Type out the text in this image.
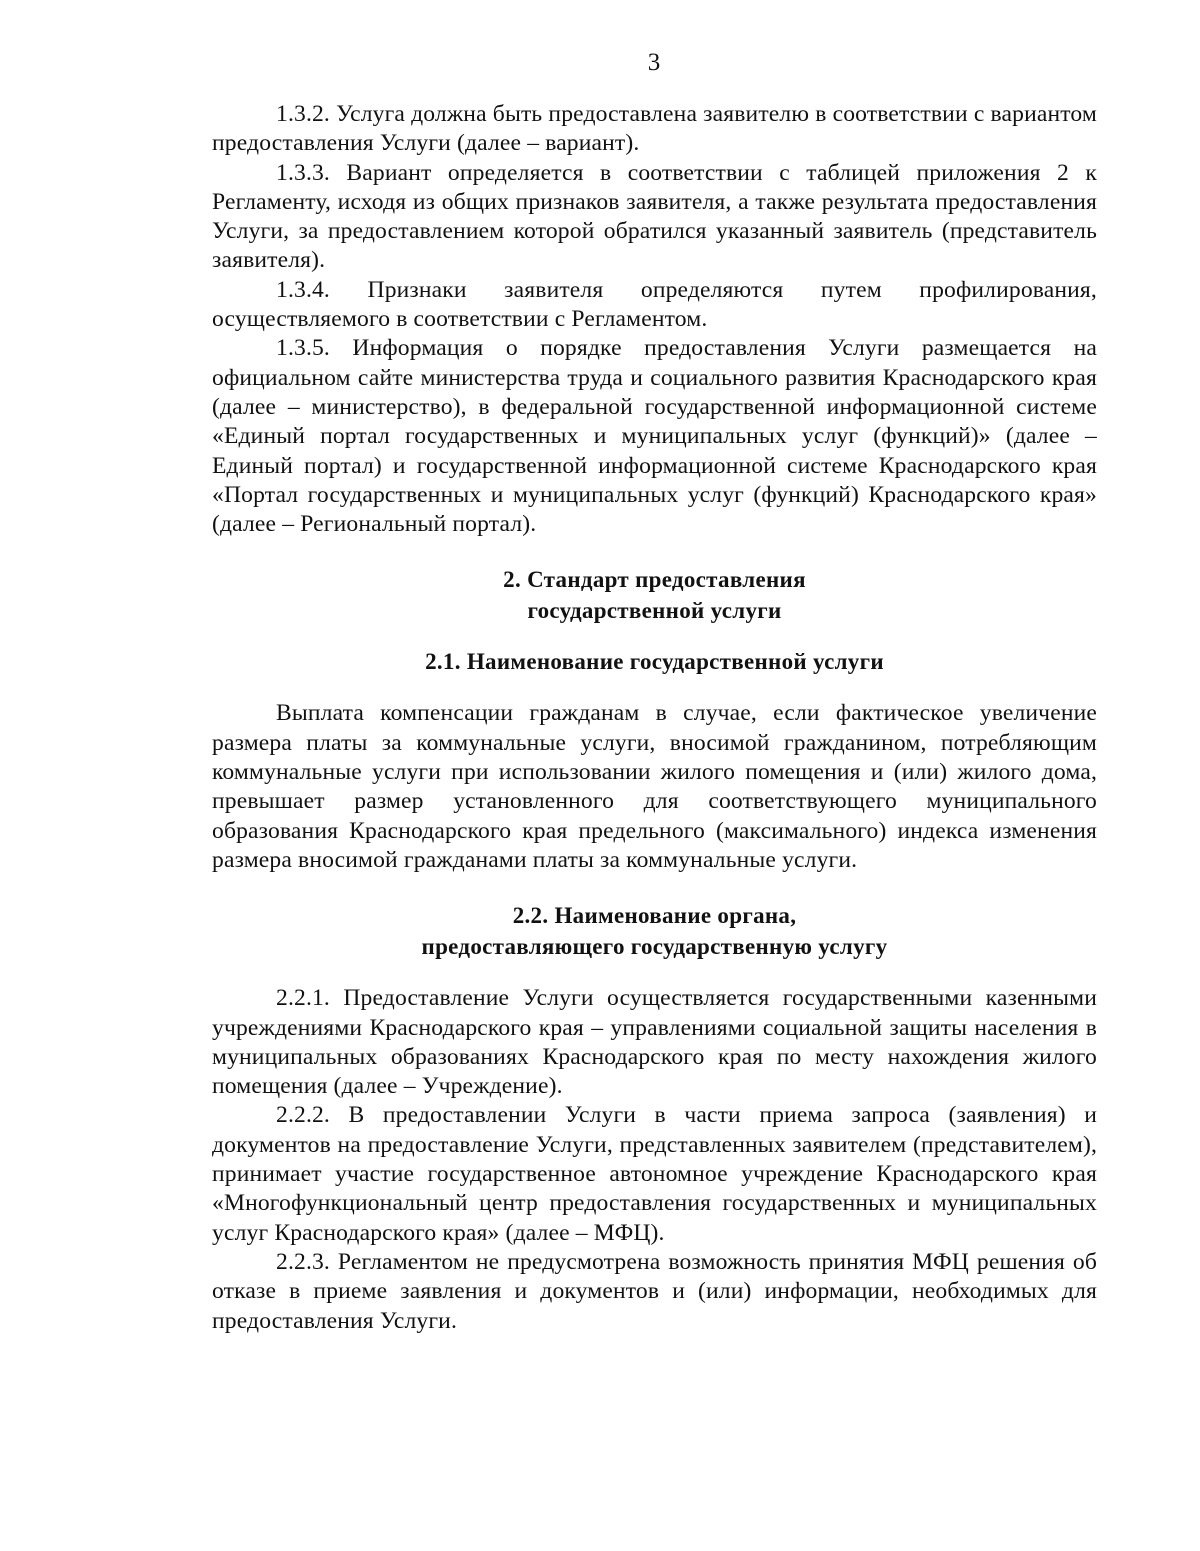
3

1.3.2. Услуга должна быть предоставлена заявителю в соответствии с вариантом предоставления Услуги (далее – вариант).

1.3.3. Вариант определяется в соответствии с таблицей приложения 2 к Регламенту, исходя из общих признаков заявителя, а также результата предоставления Услуги, за предоставлением которой обратился указанный заявитель (представитель заявителя).

1.3.4. Признаки заявителя определяются путем профилирования, осуществляемого в соответствии с Регламентом.

1.3.5. Информация о порядке предоставления Услуги размещается на официальном сайте министерства труда и социального развития Краснодарского края (далее – министерство), в федеральной государственной информационной системе «Единый портал государственных и муниципальных услуг (функций)» (далее – Единый портал) и государственной информационной системе Краснодарского края «Портал государственных и муниципальных услуг (функций) Краснодарского края» (далее – Региональный портал).

2. Стандарт предоставления
государственной услуги
2.1. Наименование государственной услуги

Выплата компенсации гражданам в случае, если фактическое увеличение размера платы за коммунальные услуги, вносимой гражданином, потребляющим коммунальные услуги при использовании жилого помещения и (или) жилого дома, превышает размер установленного для соответствующего муниципального образования Краснодарского края предельного (максимального) индекса изменения размера вносимой гражданами платы за коммунальные услуги.

2.2. Наименование органа,
предоставляющего государственную услугу

2.2.1. Предоставление Услуги осуществляется государственными казенными учреждениями Краснодарского края – управлениями социальной защиты населения в муниципальных образованиях Краснодарского края по месту нахождения жилого помещения (далее – Учреждение).

2.2.2. В предоставлении Услуги в части приема запроса (заявления) и документов на предоставление Услуги, представленных заявителем (представителем), принимает участие государственное автономное учреждение Краснодарского края «Многофункциональный центр предоставления государственных и муниципальных услуг Краснодарского края» (далее – МФЦ).

2.2.3. Регламентом не предусмотрена возможность принятия МФЦ решения об отказе в приеме заявления и документов и (или) информации, необходимых для предоставления Услуги.
